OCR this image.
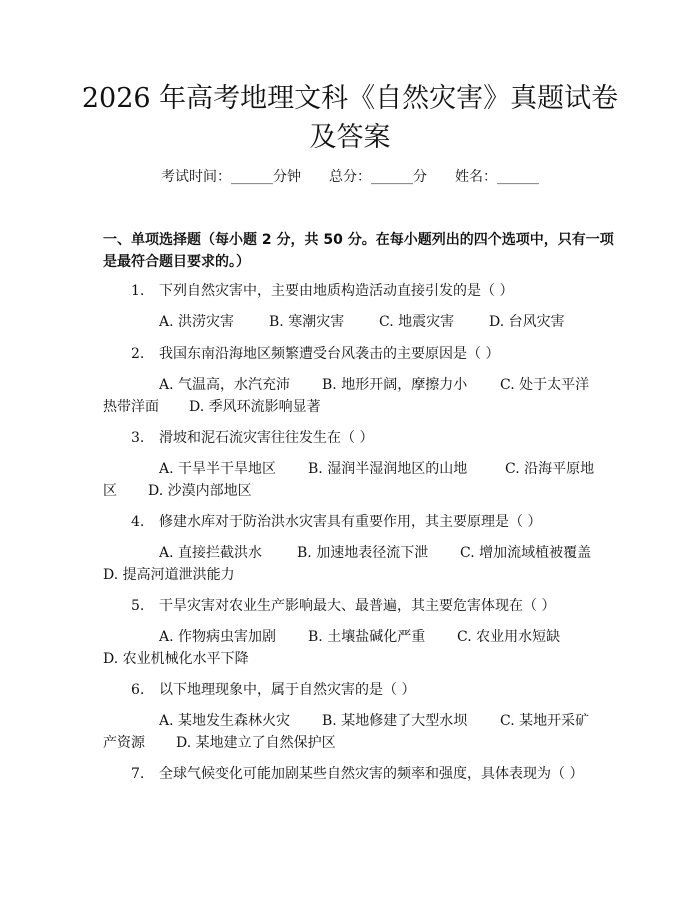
2026 年高考地理文科《自然灾害》真题试卷
及答案
考试时间：______分钟 总分：______分 姓名：______
一、单项选择题（每小题 2 分，共 50 分。在每小题列出的四个选项中，只有一项
是最符合题目要求的。）
1. 下列自然灾害中，主要由地质构造活动直接引发的是（ ）
A. 洪涝灾害 B. 寒潮灾害 C. 地震灾害 D. 台风灾害
2. 我国东南沿海地区频繁遭受台风袭击的主要原因是（ ）
A. 气温高，水汽充沛 B. 地形开阔，摩擦力小 C. 处于太平洋
热带洋面 D. 季风环流影响显著
3. 滑坡和泥石流灾害往往发生在（ ）
A. 干旱半干旱地区 B. 湿润半湿润地区的山地	C. 沿海平原地
区 D. 沙漠内部地区
4. 修建水库对于防治洪水灾害具有重要作用，其主要原理是（ ）
A. 直接拦截洪水 B. 加速地表径流下泄 C. 增加流域植被覆盖
D. 提高河道泄洪能力
5. 干旱灾害对农业生产影响最大、最普遍，其主要危害体现在（ ）
A. 作物病虫害加剧 B. 土壤盐碱化严重 C. 农业用水短缺
D. 农业机械化水平下降
6. 以下地理现象中，属于自然灾害的是（ ）
A. 某地发生森林火灾 B. 某地修建了大型水坝 C. 某地开采矿
产资源 D. 某地建立了自然保护区
7. 全球气候变化可能加剧某些自然灾害的频率和强度，具体表现为（ ）
